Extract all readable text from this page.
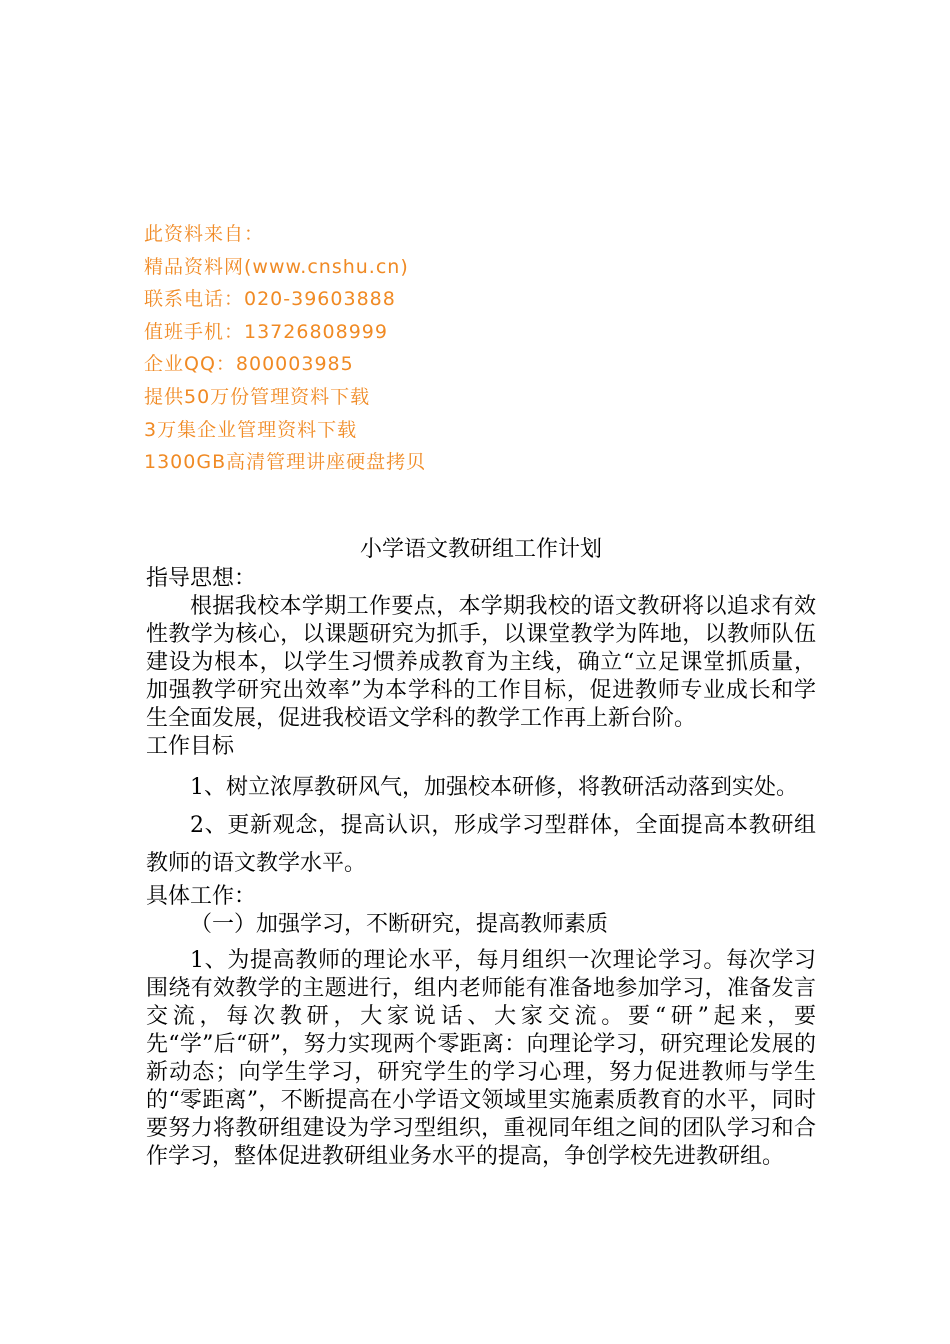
此资料来自：
精品资料网(www.cnshu.cn)
联系电话：020-39603888
值班手机：13726808999
企业QQ：800003985
提供50万份管理资料下载
3万集企业管理资料下载
1300GB高清管理讲座硬盘拷贝
小学语文教研组工作计划
指导思想：
根据我校本学期工作要点，本学期我校的语文教研将以追求有效性教学为核心，以课题研究为抓手，以课堂教学为阵地，以教师队伍建设为根本，以学生习惯养成教育为主线，确立“立足课堂抓质量，加强教学研究出效率”为本学科的工作目标，促进教师专业成长和学生全面发展，促进我校语文学科的教学工作再上新台阶。
工作目标
1、树立浓厚教研风气，加强校本研修，将教研活动落到实处。
2、更新观念，提高认识，形成学习型群体，全面提高本教研组教师的语文教学水平。
具体工作：
（一）加强学习，不断研究，提高教师素质
1、为提高教师的理论水平，每月组织一次理论学习。每次学习围绕有效教学的主题进行，组内老师能有准备地参加学习，准备发言交流，每次教研，大家说话、大家交流。要“研”起来，要先“学”后“研”，努力实现两个零距离：向理论学习，研究理论发展的新动态；向学生学习，研究学生的学习心理，努力促进教师与学生的“零距离”，不断提高在小学语文领域里实施素质教育的水平，同时要努力将教研组建设为学习型组织，重视同年组之间的团队学习和合作学习，整体促进教研组业务水平的提高，争创学校先进教研组。
